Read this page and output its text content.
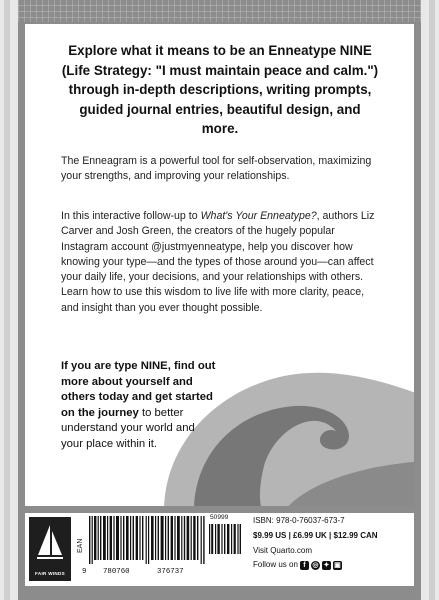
Explore what it means to be an Enneatype NINE (Life Strategy: "I must maintain peace and calm.") through in-depth descriptions, writing prompts, guided journal entries, beautiful design, and more.
The Enneagram is a powerful tool for self-observation, maximizing your strengths, and improving your relationships.
In this interactive follow-up to What's Your Enneatype?, authors Liz Carver and Josh Green, the creators of the hugely popular Instagram account @justmyenneatype, help you discover how knowing your type—and the types of those around you—can affect your daily life, your decisions, and your relationships with others. Learn how to use this wisdom to live life with more clarity, peace, and insight than you ever thought possible.
If you are type NINE, find out more about yourself and others today and get started on the journey to better understand your world and your place within it.
FAIR WINDS
EAN
9 780760	376737
50999	ISBN: 978-0-76037-673-7
$9.99 US | £6.99 UK | $12.99 CAN
Visit Quarto.com
Follow us on f ◎ ✦ ▣
